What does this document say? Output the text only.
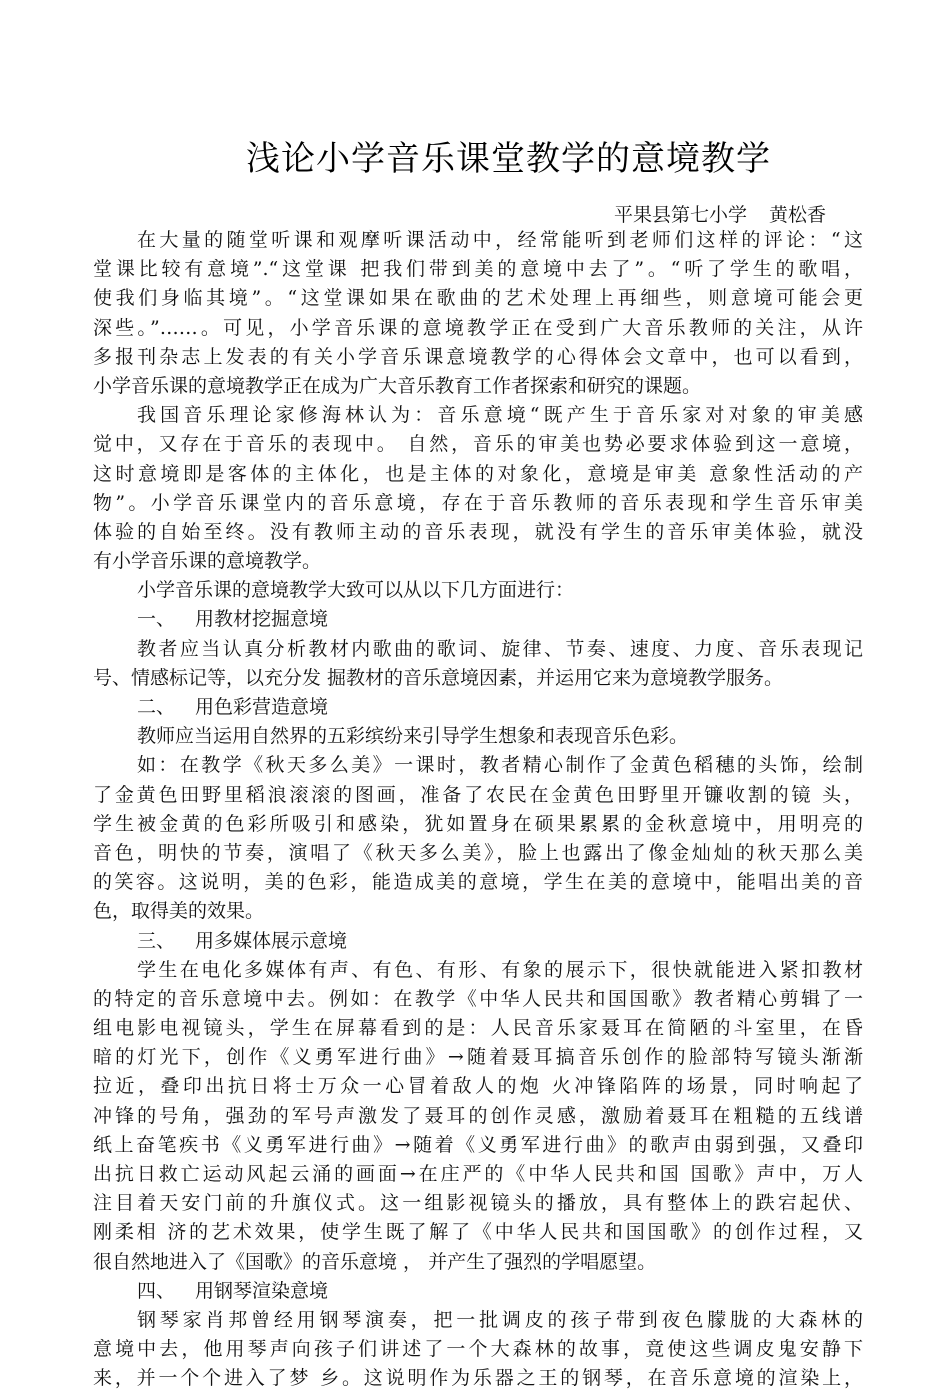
浅论小学音乐课堂教学的意境教学
平果县第七小学 黄松香
在大量的随堂听课和观摩听课活动中，经常能听到老师们这样的评论：“这
堂课比较有意境”.“这堂课 把我们带到美的意境中去了”。“听了学生的歌唱，
使我们身临其境”。“这堂课如果在歌曲的艺术处理上再细些，则意境可能会更
深些。”……。可见，小学音乐课的意境教学正在受到广大音乐教师的关注，从许
多报刊杂志上发表的有关小学音乐课意境教学的心得体会文章中，也可以看到，
小学音乐课的意境教学正在成为广大音乐教育工作者探索和研究的课题。
我国音乐理论家修海林认为：音乐意境“既产生于音乐家对对象的审美感
觉中，又存在于音乐的表现中。 自然，音乐的审美也势必要求体验到这一意境，
这时意境即是客体的主体化，也是主体的对象化，意境是审美 意象性活动的产
物”。小学音乐课堂内的音乐意境，存在于音乐教师的音乐表现和学生音乐审美
体验的自始至终。没有教师主动的音乐表现，就没有学生的音乐审美体验，就没
有小学音乐课的意境教学。
小学音乐课的意境教学大致可以从以下几方面进行：
一、 用教材挖掘意境
教者应当认真分析教材内歌曲的歌词、旋律、节奏、速度、力度、音乐表现记
号、情感标记等，以充分发 掘教材的音乐意境因素，并运用它来为意境教学服务。
二、 用色彩营造意境
教师应当运用自然界的五彩缤纷来引导学生想象和表现音乐色彩。
如：在教学《秋天多么美》一课时，教者精心制作了金黄色稻穗的头饰，绘制
了金黄色田野里稻浪滚滚的图画，准备了农民在金黄色田野里开镰收割的镜 头，
学生被金黄的色彩所吸引和感染，犹如置身在硕果累累的金秋意境中，用明亮的
音色，明快的节奏，演唱了《秋天多么美》，脸上也露出了像金灿灿的秋天那么美
的笑容。这说明，美的色彩，能造成美的意境，学生在美的意境中，能唱出美的音
色，取得美的效果。
三、 用多媒体展示意境
学生在电化多媒体有声、有色、有形、有象的展示下，很快就能进入紧扣教材
的特定的音乐意境中去。例如：在教学《中华人民共和国国歌》教者精心剪辑了一
组电影电视镜头，学生在屏幕看到的是：人民音乐家聂耳在简陋的斗室里，在昏
暗的灯光下，创作《义勇军进行曲》→随着聂耳搞音乐创作的脸部特写镜头渐渐
拉近，叠印出抗日将士万众一心冒着敌人的炮 火冲锋陷阵的场景，同时响起了
冲锋的号角，强劲的军号声激发了聂耳的创作灵感，激励着聂耳在粗糙的五线谱
纸上奋笔疾书《义勇军进行曲》→随着《义勇军进行曲》的歌声由弱到强，又叠印
出抗日救亡运动风起云涌的画面→在庄严的《中华人民共和国 国歌》声中，万人
注目着天安门前的升旗仪式。这一组影视镜头的播放，具有整体上的跌宕起伏、
刚柔相 济的艺术效果，使学生既了解了《中华人民共和国国歌》的创作过程，又
很自然地进入了《国歌》的音乐意境 ， 并产生了强烈的学唱愿望。
四、 用钢琴渲染意境
钢琴家肖邦曾经用钢琴演奏，把一批调皮的孩子带到夜色朦胧的大森林的
意境中去，他用琴声向孩子们讲述了一个大森林的故事，竟使这些调皮鬼安静下
来，并一个个进入了梦 乡。这说明作为乐器之王的钢琴，在音乐意境的渲染上，
